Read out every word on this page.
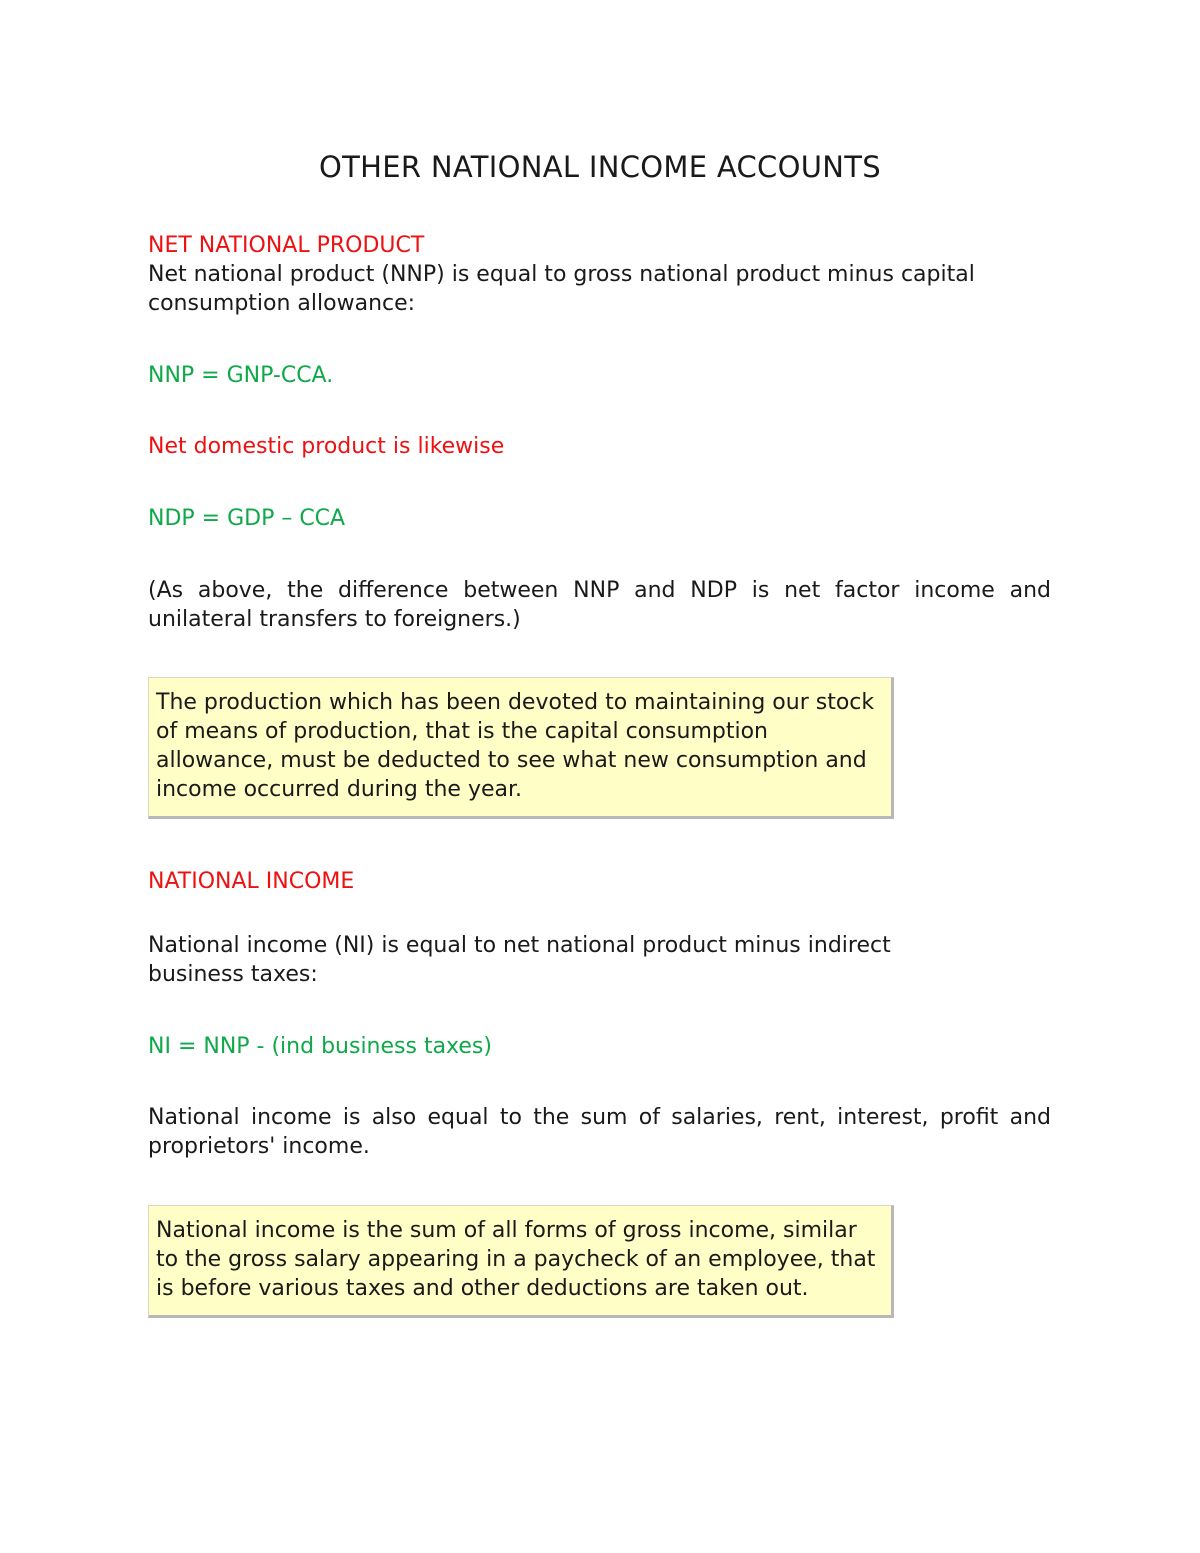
OTHER NATIONAL INCOME ACCOUNTS
NET NATIONAL PRODUCT
Net national product (NNP) is equal to gross national product minus capital consumption allowance:
NNP = GNP-CCA.
Net domestic product is likewise
NDP = GDP – CCA
(As above, the difference between NNP and NDP is net factor income and unilateral transfers to foreigners.)
The production which has been devoted to maintaining our stock of means of production, that is the capital consumption allowance, must be deducted to see what new consumption and income occurred during the year.
NATIONAL INCOME
National income (NI) is equal to net national product minus indirect business taxes:
NI = NNP - (ind business taxes)
National income is also equal to the sum of salaries, rent, interest, profit and proprietors' income.
National income is the sum of all forms of gross income, similar to the gross salary appearing in a paycheck of an employee, that is before various taxes and other deductions are taken out.
